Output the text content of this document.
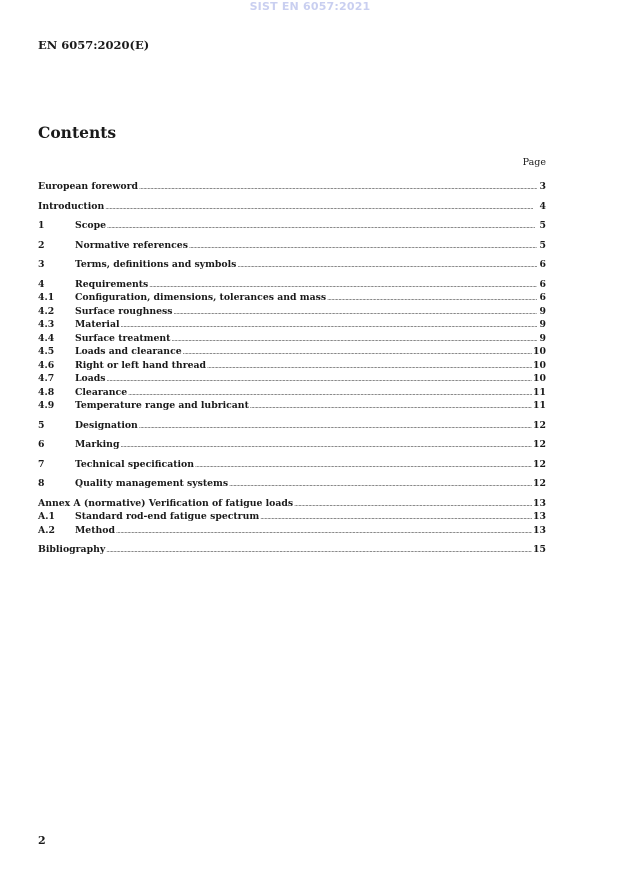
SIST EN 6057:2021
EN 6057:2020(E)
Contents
Page
European foreword .....	3
Introduction .....	4
1	Scope .....	5
2	Normative references .....	5
3	Terms, definitions and symbols .....	6
4	Requirements .....	6
4.1	Configuration, dimensions, tolerances and mass .....	6
4.2	Surface roughness .....	9
4.3	Material .....	9
4.4	Surface treatment .....	9
4.5	Loads and clearance .....	10
4.6	Right or left hand thread .....	10
4.7	Loads .....	10
4.8	Clearance .....	11
4.9	Temperature range and lubricant .....	11
5	Designation .....	12
6	Marking .....	12
7	Technical specification .....	12
8	Quality management systems .....	12
Annex A (normative) Verification of fatigue loads .....	13
A.1	Standard rod-end fatigue spectrum .....	13
A.2	Method .....	13
Bibliography .....	15
2
